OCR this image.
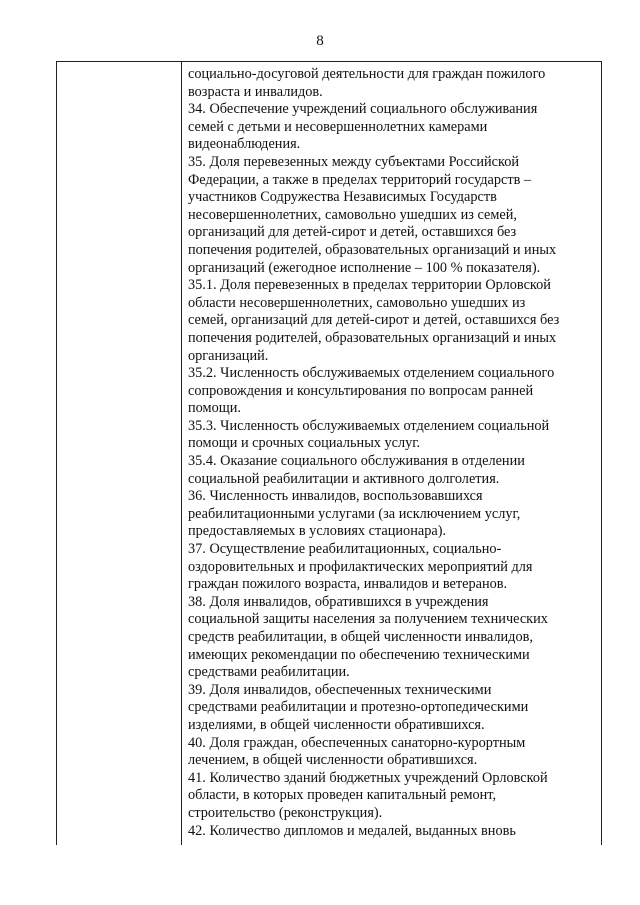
8
социально-досуговой деятельности для граждан пожилого
возраста и инвалидов.
34. Обеспечение учреждений социального обслуживания
семей с детьми и несовершеннолетних камерами
видеонаблюдения.
35. Доля перевезенных между субъектами Российской
Федерации, а также в пределах территорий государств –
участников Содружества Независимых Государств
несовершеннолетних, самовольно ушедших из семей,
организаций для детей-сирот и детей, оставшихся без
попечения родителей, образовательных организаций и иных
организаций (ежегодное исполнение – 100 % показателя).
35.1. Доля перевезенных в пределах территории Орловской
области несовершеннолетних, самовольно ушедших из
семей, организаций для детей-сирот и детей, оставшихся без
попечения родителей, образовательных организаций и иных
организаций.
35.2. Численность обслуживаемых отделением социального
сопровождения и консультирования по вопросам ранней
помощи.
35.3. Численность обслуживаемых отделением социальной
помощи и срочных социальных услуг.
35.4. Оказание социального обслуживания в отделении
социальной реабилитации и активного долголетия.
36. Численность инвалидов, воспользовавшихся
реабилитационными услугами (за исключением услуг,
предоставляемых в условиях стационара).
37. Осуществление реабилитационных, социально-
оздоровительных и профилактических мероприятий для
граждан пожилого возраста, инвалидов и ветеранов.
38. Доля инвалидов, обратившихся в учреждения
социальной защиты населения за получением технических
средств реабилитации, в общей численности инвалидов,
имеющих рекомендации по обеспечению техническими
средствами реабилитации.
39. Доля инвалидов, обеспеченных техническими
средствами реабилитации и протезно-ортопедическими
изделиями, в общей численности обратившихся.
40. Доля граждан, обеспеченных санаторно-курортным
лечением, в общей численности обратившихся.
41. Количество зданий бюджетных учреждений Орловской
области, в которых проведен капитальный ремонт,
строительство (реконструкция).
42. Количество дипломов и медалей, выданных вновь
